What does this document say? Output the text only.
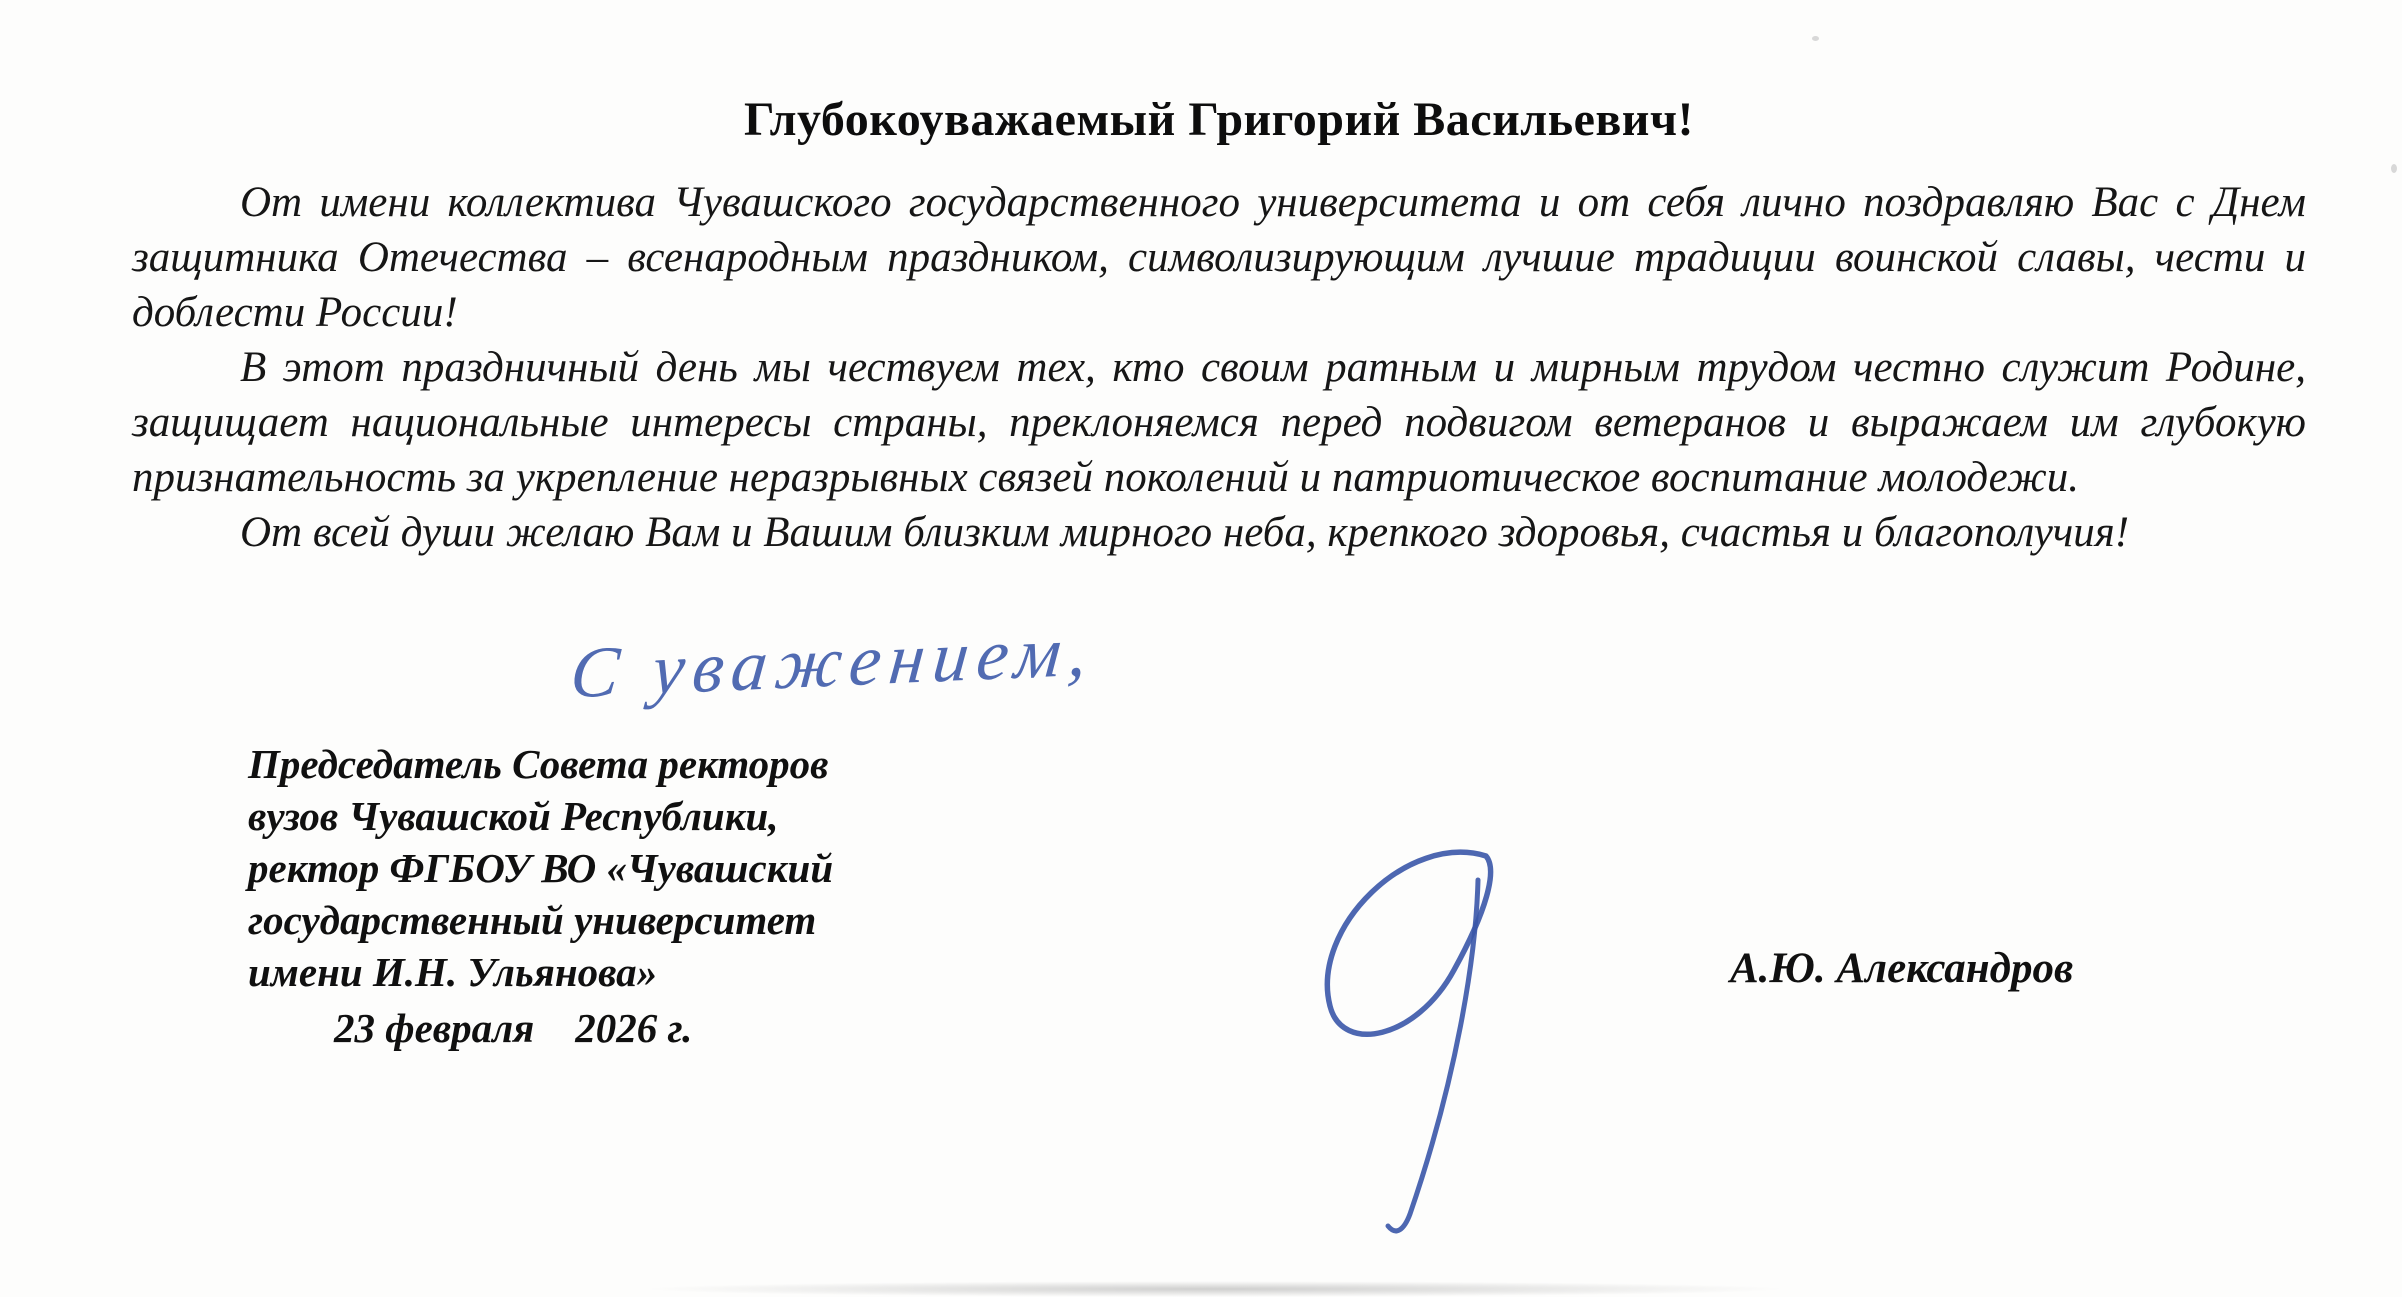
Глубокоуважаемый Григорий Васильевич!

От имени коллектива Чувашского государственного университета и от себя лично поздравляю Вас с Днем защитника Отечества – всенародным праздником, символизирующим лучшие традиции воинской славы, чести и доблести России!

В этот праздничный день мы чествуем тех, кто своим ратным и мирным трудом честно служит Родине, защищает национальные интересы страны, преклоняемся перед подвигом ветеранов и выражаем им глубокую признательность за укрепление неразрывных связей поколений и патриотическое воспитание молодежи.

От всей души желаю Вам и Вашим близким мирного неба, крепкого здоровья, счастья и благополучия!

С уважением,
Председатель Совета ректоров
вузов Чувашской Республики,
ректор ФГБОУ ВО «Чувашский
государственный университет
имени И.Н. Ульянова»
23 февраля    2026 г.
А.Ю. Александров
